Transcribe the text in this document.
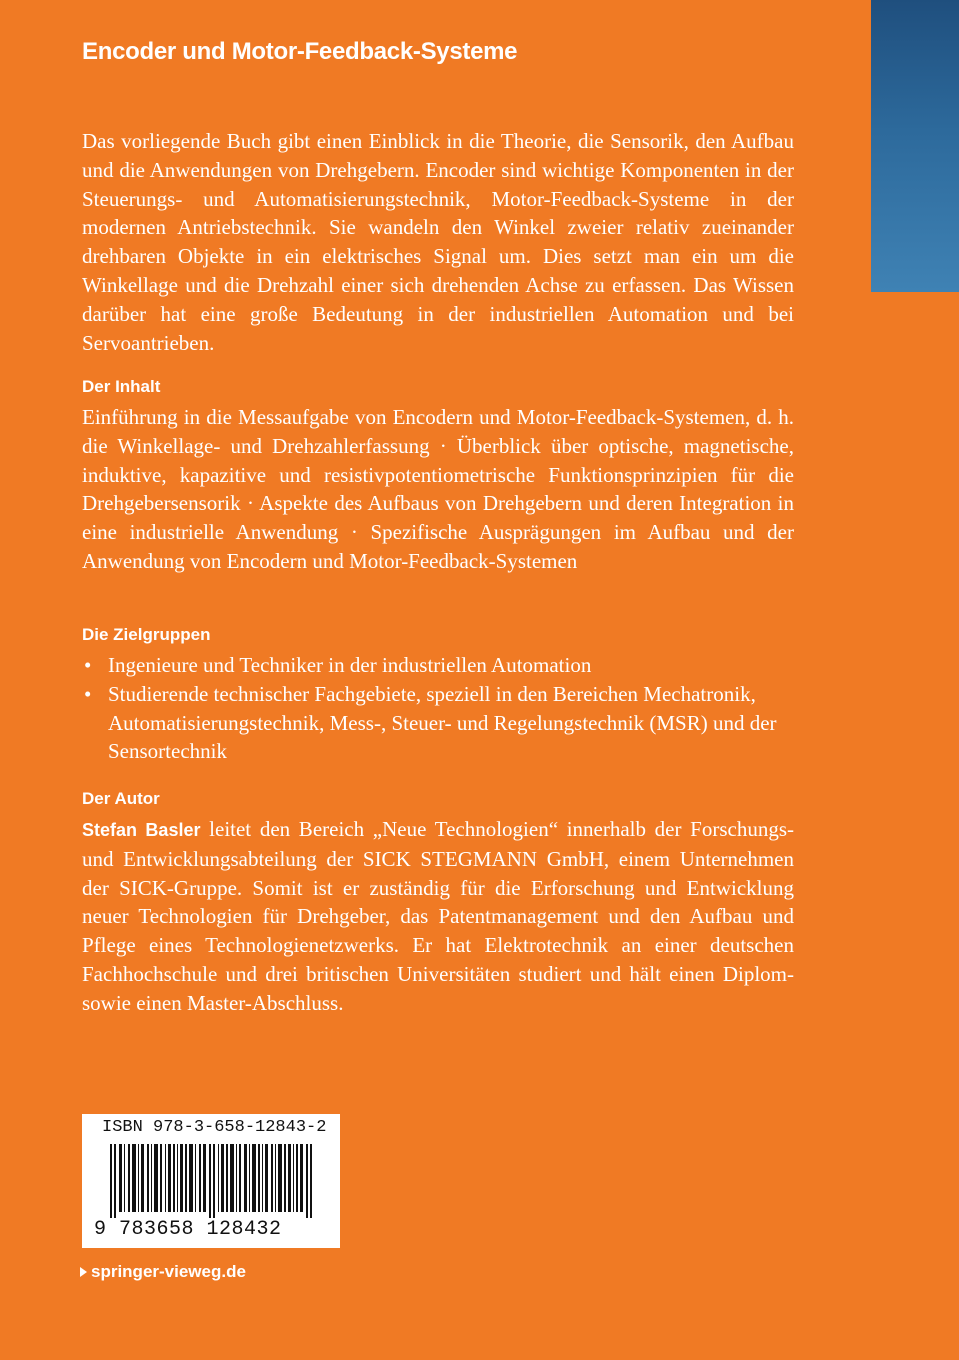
Encoder und Motor-Feedback-Systeme
Das vorliegende Buch gibt einen Einblick in die Theorie, die Sensorik, den Aufbau und die Anwendungen von Drehgebern. Encoder sind wichtige Komponenten in der Steuerungs- und Automatisierungstechnik, Motor-Feedback-Systeme in der modernen Antriebstechnik. Sie wandeln den Winkel zweier relativ zueinander drehbaren Objekte in ein elektrisches Signal um. Dies setzt man ein um die Winkellage und die Drehzahl einer sich drehenden Achse zu erfassen. Das Wissen darüber hat eine große Bedeutung in der industriellen Automation und bei Servoantrieben.
Der Inhalt
Einführung in die Messaufgabe von Encodern und Motor-Feedback-Systemen, d. h. die Winkellage- und Drehzahlerfassung · Überblick über optische, magnetische, induktive, kapazitive und resistivpotentiometrische Funktionsprinzipien für die Drehgebersensorik · Aspekte des Aufbaus von Drehgebern und deren Integration in eine industrielle Anwendung · Spezifische Ausprägungen im Aufbau und der Anwendung von Encodern und Motor-Feedback-Systemen
Die Zielgruppen
• Ingenieure und Techniker in der industriellen Automation
• Studierende technischer Fachgebiete, speziell in den Bereichen Mechatronik, Automatisierungstechnik, Mess-, Steuer- und Regelungstechnik (MSR) und der Sensortechnik
Der Autor
Stefan Basler leitet den Bereich „Neue Technologien“ innerhalb der Forschungs- und Entwicklungsabteilung der SICK STEGMANN GmbH, einem Unternehmen der SICK-Gruppe. Somit ist er zuständig für die Erforschung und Entwicklung neuer Technologien für Drehgeber, das Patentmanagement und den Aufbau und Pflege eines Technologienetzwerks. Er hat Elektrotechnik an einer deutschen Fachhochschule und drei britischen Universitäten studiert und hält einen Diplom- sowie einen Master-Abschluss.
ISBN 978-3-658-12843-2
9 783658 128432
springer-vieweg.de
